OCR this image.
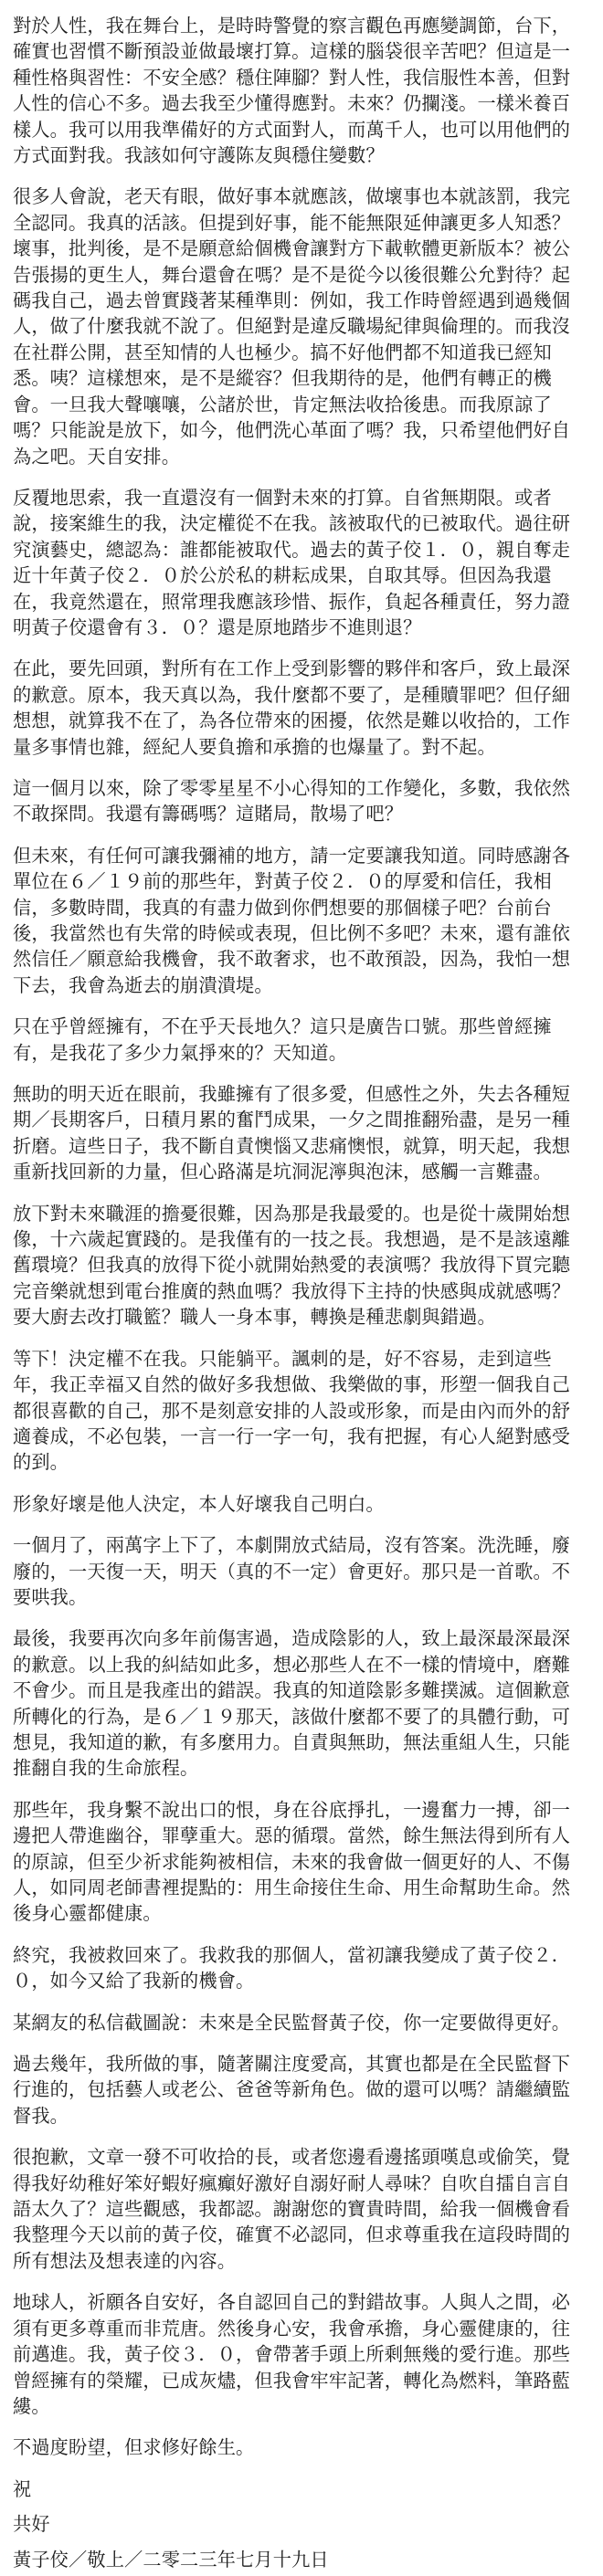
對於人性，我在舞台上，是時時警覺的察言觀色再應變調節，台下，確實也習慣不斷預設並做最壞打算。這樣的腦袋很辛苦吧？但這是一種性格與習性：不安全感？穩住陣腳？對人性，我信服性本善，但對人性的信心不多。過去我至少懂得應對。未來？仍攔淺。一樣米養百樣人。我可以用我準備好的方式面對人，而萬千人，也可以用他們的方式面對我。我該如何守護陈友與穩住變數？

很多人會說，老天有眼，做好事本就應該，做壞事也本就該罰，我完全認同。我真的活該。但提到好事，能不能無限延伸讓更多人知悉？壞事，批判後，是不是願意給個機會讓對方下載軟體更新版本？被公告張揚的更生人，舞台還會在嗎？是不是從今以後很難公允對待？起碼我自己，過去曾實踐著某種準則：例如，我工作時曾經遇到過幾個人，做了什麼我就不說了。但絕對是違反職場紀律與倫理的。而我沒在社群公開，甚至知情的人也極少。搞不好他們都不知道我已經知悉。咦？這樣想來，是不是縱容？但我期待的是，他們有轉正的機會。一旦我大聲嚷嚷，公諸於世，肯定無法收拾後患。而我原諒了嗎？只能說是放下，如今，他們洗心革面了嗎？我，只希望他們好自為之吧。天自安排。

反覆地思索，我一直還沒有一個對未來的打算。自省無期限。或者說，接案維生的我，決定權從不在我。該被取代的已被取代。過往研究演藝史，總認為：誰都能被取代。過去的黃子佼１．０，親自奪走近十年黃子佼２．０於公於私的耕耘成果，自取其辱。但因為我還在，我竟然還在，照常理我應該珍惜、振作，負起各種責任，努力證明黃子佼還會有３．０？還是原地踏步不進則退？

在此，要先回頭，對所有在工作上受到影響的夥伴和客戶，致上最深的歉意。原本，我天真以為，我什麼都不要了，是種贖罪吧？但仔細想想，就算我不在了，為各位帶來的困擾，依然是難以收拾的，工作量多事情也雜，經紀人要負擔和承擔的也爆量了。對不起。

這一個月以來，除了零零星星不小心得知的工作變化，多數，我依然不敢探問。我還有籌碼嗎？這賭局，散場了吧？

但未來，有任何可讓我彌補的地方，請一定要讓我知道。同時感謝各單位在６／１９前的那些年，對黃子佼２．０的厚愛和信任，我相信，多數時間，我真的有盡力做到你們想要的那個樣子吧？台前台後，我當然也有失常的時候或表現，但比例不多吧？未來，還有誰依然信任／願意給我機會，我不敢奢求，也不敢預設，因為，我怕一想下去，我會為逝去的崩潰潰堤。

只在乎曾經擁有，不在乎天長地久？這只是廣告口號。那些曾經擁有，是我花了多少力氣掙來的？天知道。

無助的明天近在眼前，我雖擁有了很多愛，但感性之外，失去各種短期／長期客戶，日積月累的奮鬥成果，一夕之間推翻殆盡，是另一種折磨。這些日子，我不斷自責懊惱又悲痛懊恨，就算，明天起，我想重新找回新的力量，但心路滿是坑洞泥濘與泡沫，感觸一言難盡。

放下對未來職涯的擔憂很難，因為那是我最愛的。也是從十歲開始想像，十六歲起實踐的。是我僅有的一技之長。我想過，是不是該遠離舊環境？但我真的放得下從小就開始熱愛的表演嗎？我放得下買完聽完音樂就想到電台推廣的熱血嗎？我放得下主持的快感與成就感嗎？要大廚去改打職籃？職人一身本事，轉換是種悲劇與錯過。

等下！決定權不在我。只能躺平。諷刺的是，好不容易，走到這些年，我正幸福又自然的做好多我想做、我樂做的事，形塑一個我自己都很喜歡的自己，那不是刻意安排的人設或形象，而是由內而外的舒適養成，不必包裝，一言一行一字一句，我有把握，有心人絕對感受的到。

形象好壞是他人決定，本人好壞我自己明白。

一個月了，兩萬字上下了，本劇開放式結局，沒有答案。洗洗睡，廢廢的，一天復一天，明天（真的不一定）會更好。那只是一首歌。不要哄我。

最後，我要再次向多年前傷害過，造成陰影的人，致上最深最深最深的歉意。以上我的糾結如此多，想必那些人在不一樣的情境中，磨難不會少。而且是我產出的錯誤。我真的知道陰影多難撲滅。這個歉意所轉化的行為，是６／１９那天，該做什麼都不要了的具體行動，可想見，我知道的歉，有多麼用力。自責與無助，無法重組人生，只能推翻自我的生命旅程。

那些年，我身繫不說出口的恨，身在谷底掙扎，一邊奮力一搏，卻一邊把人帶進幽谷，罪孽重大。惡的循環。當然，餘生無法得到所有人的原諒，但至少祈求能夠被相信，未來的我會做一個更好的人、不傷人，如同周老師書裡提點的：用生命接住生命、用生命幫助生命。然後身心靈都健康。

終究，我被救回來了。我救我的那個人，當初讓我變成了黃子佼２．０，如今又給了我新的機會。

某網友的私信截圖說：未來是全民監督黃子佼，你一定要做得更好。

過去幾年，我所做的事，隨著關注度愛高，其實也都是在全民監督下行進的，包括藝人或老公、爸爸等新角色。做的還可以嗎？請繼續監督我。

很抱歉，文章一發不可收拾的長，或者您邊看邊搖頭嘆息或偷笑，覺得我好幼稚好笨好蝦好瘋癲好激好自溺好耐人尋味？自吹自擂自言自語太久了？這些觀感，我都認。謝謝您的寶貴時間，給我一個機會看我整理今天以前的黃子佼，確實不必認同，但求尊重我在這段時間的所有想法及想表達的內容。

地球人，祈願各自安好，各自認回自己的對錯故事。人與人之間，必須有更多尊重而非荒唐。然後身心安，我會承擔，身心靈健康的，往前邁進。我，黃子佼３．０，會帶著手頭上所剩無幾的愛行進。那些曾經擁有的榮耀，已成灰燼，但我會牢牢記著，轉化為燃料，筆路藍縷。

不過度盼望，但求修好餘生。

祝

共好

黃子佼／敬上／二零二三年七月十九日
